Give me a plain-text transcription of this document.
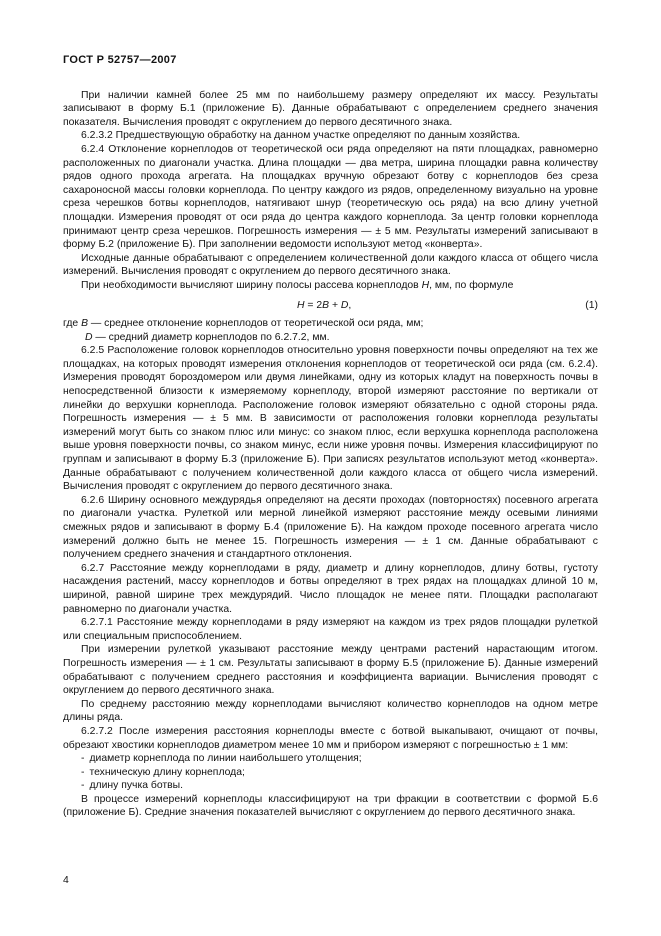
ГОСТ Р 52757—2007

При наличии камней более 25 мм по наибольшему размеру определяют их массу. Результаты записывают в форму Б.1 (приложение Б). Данные обрабатывают с определением среднего значения показателя. Вычисления проводят с округлением до первого десятичного знака.

6.2.3.2 Предшествующую обработку на данном участке определяют по данным хозяйства.

6.2.4 Отклонение корнеплодов от теоретической оси ряда определяют на пяти площадках, равномерно расположенных по диагонали участка. Длина площадки — два метра, ширина площадки равна количеству рядов одного прохода агрегата. На площадках вручную обрезают ботву с корнеплодов без среза сахароносной массы головки корнеплода. По центру каждого из рядов, определенному визуально на уровне среза черешков ботвы корнеплодов, натягивают шнур (теоретическую ось ряда) на всю длину учетной площадки. Измерения проводят от оси ряда до центра каждого корнеплода. За центр головки корнеплода принимают центр среза черешков. Погрешность измерения — ± 5 мм. Результаты измерений записывают в форму Б.2 (приложение Б). При заполнении ведомости используют метод «конверта».

Исходные данные обрабатывают с определением количественной доли каждого класса от общего числа измерений. Вычисления проводят с округлением до первого десятичного знака.

При необходимости вычисляют ширину полосы рассева корнеплодов H, мм, по формуле

H = 2B + D,	(1)

где B — среднее отклонение корнеплодов от теоретической оси ряда, мм;

D — средний диаметр корнеплодов по 6.2.7.2, мм.

6.2.5 Расположение головок корнеплодов относительно уровня поверхности почвы определяют на тех же площадках, на которых проводят измерения отклонения корнеплодов от теоретической оси ряда (см. 6.2.4). Измерения проводят бороздомером или двумя линейками, одну из которых кладут на поверхность почвы в непосредственной близости к измеряемому корнеплоду, второй измеряют расстояние по вертикали от линейки до верхушки корнеплода. Расположение головок измеряют обязательно с одной стороны ряда. Погрешность измерения — ± 5 мм. В зависимости от расположения головки корнеплода результаты измерений могут быть со знаком плюс или минус: со знаком плюс, если верхушка корнеплода расположена выше уровня поверхности почвы, со знаком минус, если ниже уровня почвы. Измерения классифицируют по группам и записывают в форму Б.3 (приложение Б). При записях результатов используют метод «конверта». Данные обрабатывают с получением количественной доли каждого класса от общего числа измерений. Вычисления проводят с округлением до первого десятичного знака.

6.2.6 Ширину основного междурядья определяют на десяти проходах (повторностях) посевного агрегата по диагонали участка. Рулеткой или мерной линейкой измеряют расстояние между осевыми линиями смежных рядов и записывают в форму Б.4 (приложение Б). На каждом проходе посевного агрегата число измерений должно быть не менее 15. Погрешность измерения — ± 1 см. Данные обрабатывают с получением среднего значения и стандартного отклонения.

6.2.7 Расстояние между корнеплодами в ряду, диаметр и длину корнеплодов, длину ботвы, густоту насаждения растений, массу корнеплодов и ботвы определяют в трех рядах на площадках длиной 10 м, шириной, равной ширине трех междурядий. Число площадок не менее пяти. Площадки располагают равномерно по диагонали участка.

6.2.7.1 Расстояние между корнеплодами в ряду измеряют на каждом из трех рядов площадки рулеткой или специальным приспособлением.

При измерении рулеткой указывают расстояние между центрами растений нарастающим итогом. Погрешность измерения — ± 1 см. Результаты записывают в форму Б.5 (приложение Б). Данные измерений обрабатывают с получением среднего расстояния и коэффициента вариации. Вычисления проводят с округлением до первого десятичного знака.

По среднему расстоянию между корнеплодами вычисляют количество корнеплодов на одном метре длины ряда.

6.2.7.2 После измерения расстояния корнеплоды вместе с ботвой выкапывают, очищают от почвы, обрезают хвостики корнеплодов диаметром менее 10 мм и прибором измеряют с погрешностью ± 1 мм:

- диаметр корнеплода по линии наибольшего утолщения;

- техническую длину корнеплода;

- длину пучка ботвы.

В процессе измерений корнеплоды классифицируют на три фракции в соответствии с формой Б.6 (приложение Б). Средние значения показателей вычисляют с округлением до первого десятичного знака.

4
